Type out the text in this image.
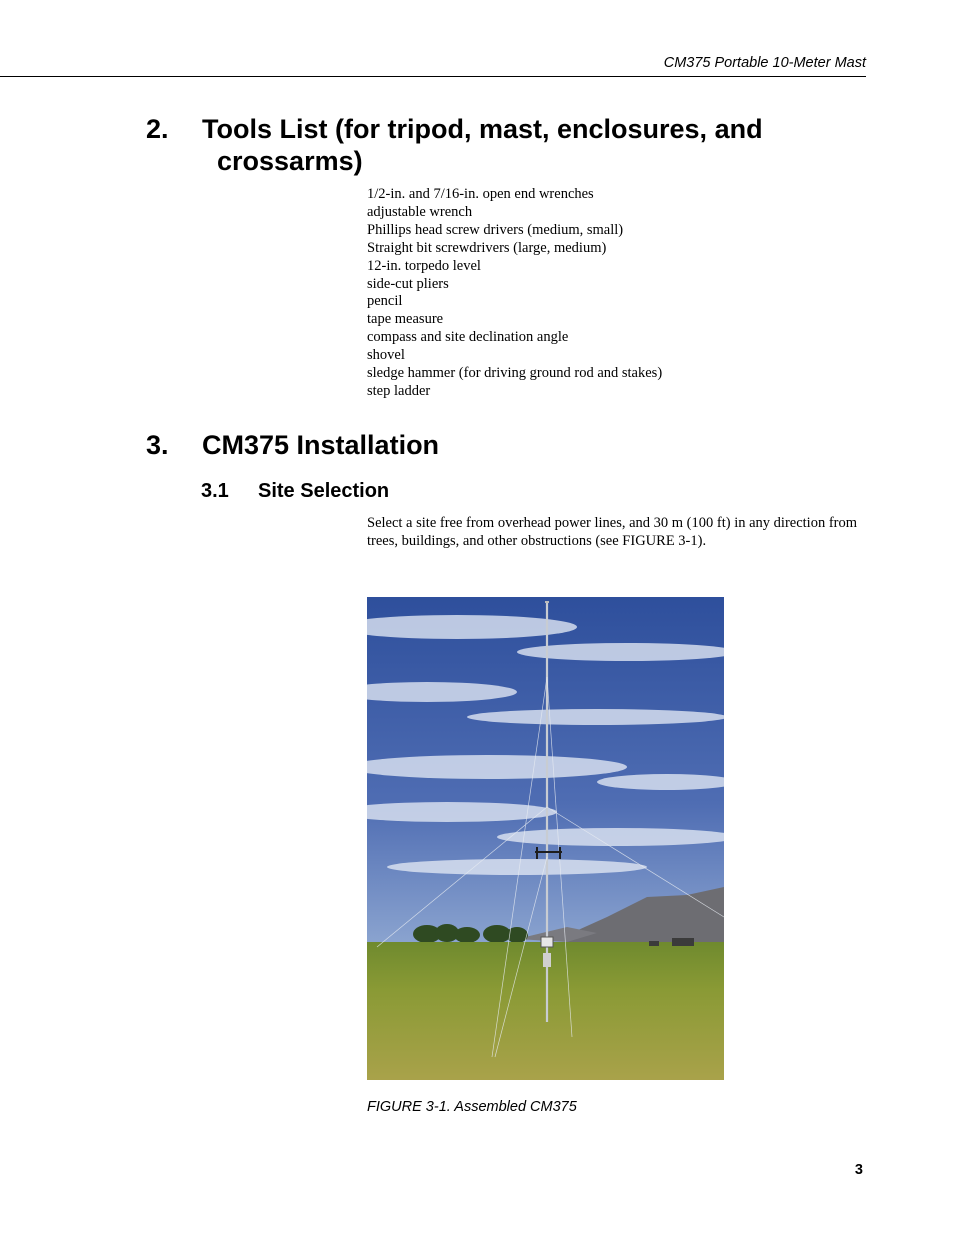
CM375 Portable 10-Meter Mast
2. Tools List (for tripod, mast, enclosures, and
crossarms)
1/2-in. and 7/16-in. open end wrenches
adjustable wrench
Phillips head screw drivers (medium, small)
Straight bit screwdrivers (large, medium)
12-in. torpedo level
side-cut pliers
pencil
tape measure
compass and site declination angle
shovel
sledge hammer (for driving ground rod and stakes)
step ladder
3. CM375 Installation
3.1 Site Selection

Select a site free from overhead power lines, and 30 m (100 ft) in any direction from trees, buildings, and other obstructions (see FIGURE 3-1).

FIGURE 3-1. Assembled CM375
3
